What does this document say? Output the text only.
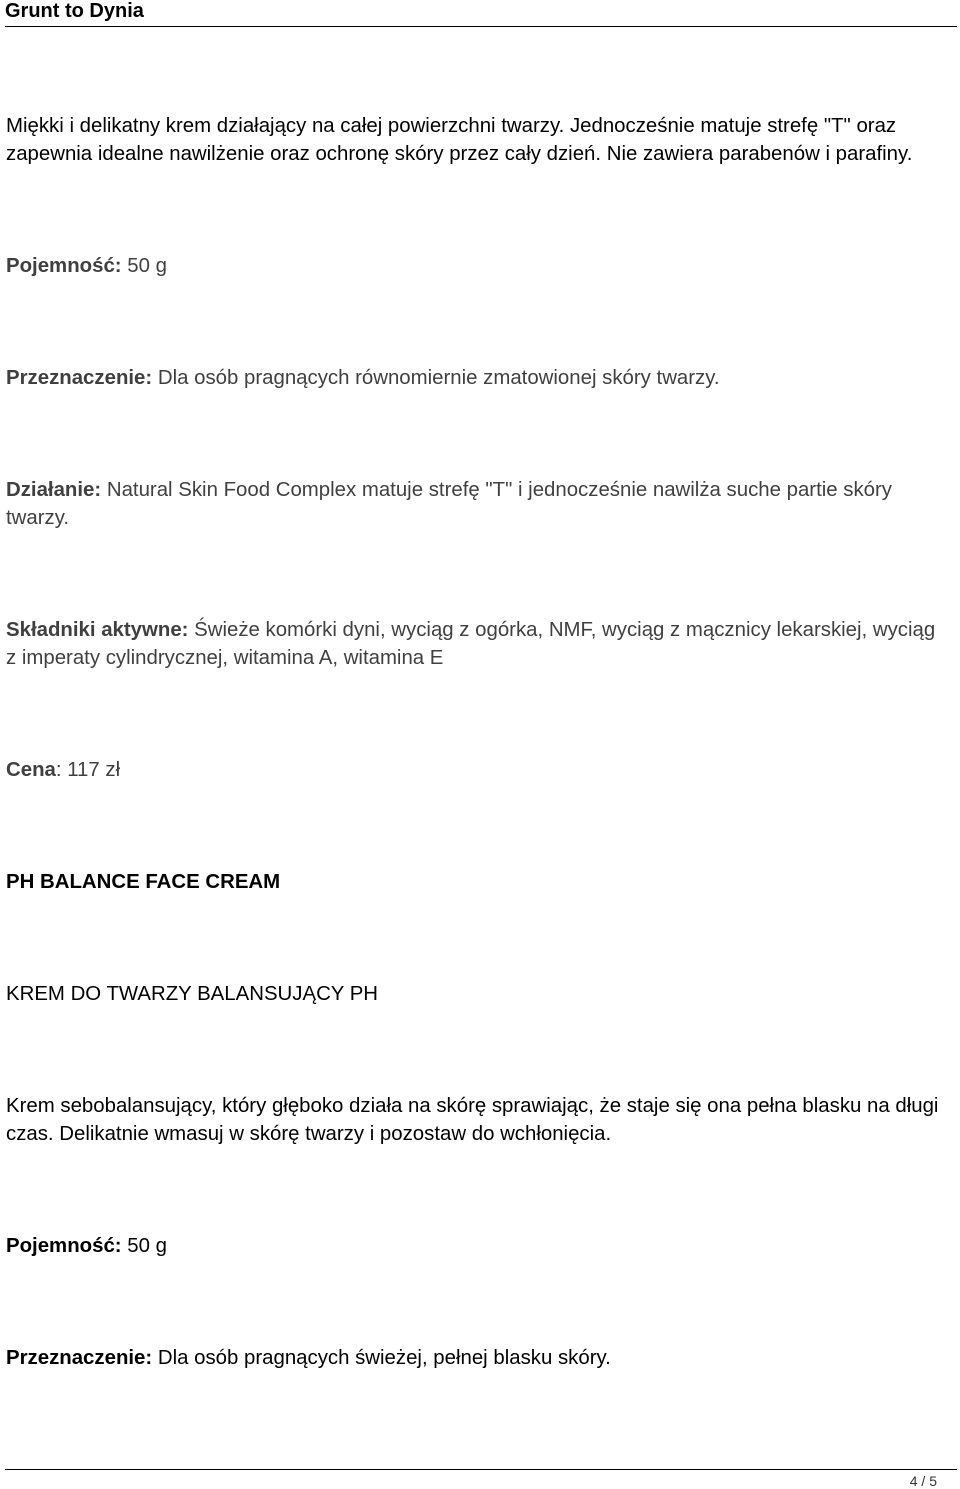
Grunt to Dynia

Miękki i delikatny krem działający na całej powierzchni twarzy. Jednocześnie matuje strefę "T" oraz zapewnia idealne nawilżenie oraz ochronę skóry przez cały dzień. Nie zawiera parabenów i parafiny.

Pojemność: 50 g

Przeznaczenie: Dla osób pragnących równomiernie zmatowionej skóry twarzy.

Działanie: Natural Skin Food Complex matuje strefę "T" i jednocześnie nawilża suche partie skóry twarzy.

Składniki aktywne: Świeże komórki dyni, wyciąg z ogórka, NMF, wyciąg z mącznicy lekarskiej, wyciąg z imperaty cylindrycznej, witamina A, witamina E

Cena: 117 zł

PH BALANCE FACE CREAM

KREM DO TWARZY BALANSUJĄCY PH

Krem sebobalansujący, który głęboko działa na skórę sprawiając, że staje się ona pełna blasku na długi czas. Delikatnie wmasuj w skórę twarzy i pozostaw do wchłonięcia.

Pojemność: 50 g

Przeznaczenie: Dla osób pragnących świeżej, pełnej blasku skóry.

4 / 5
